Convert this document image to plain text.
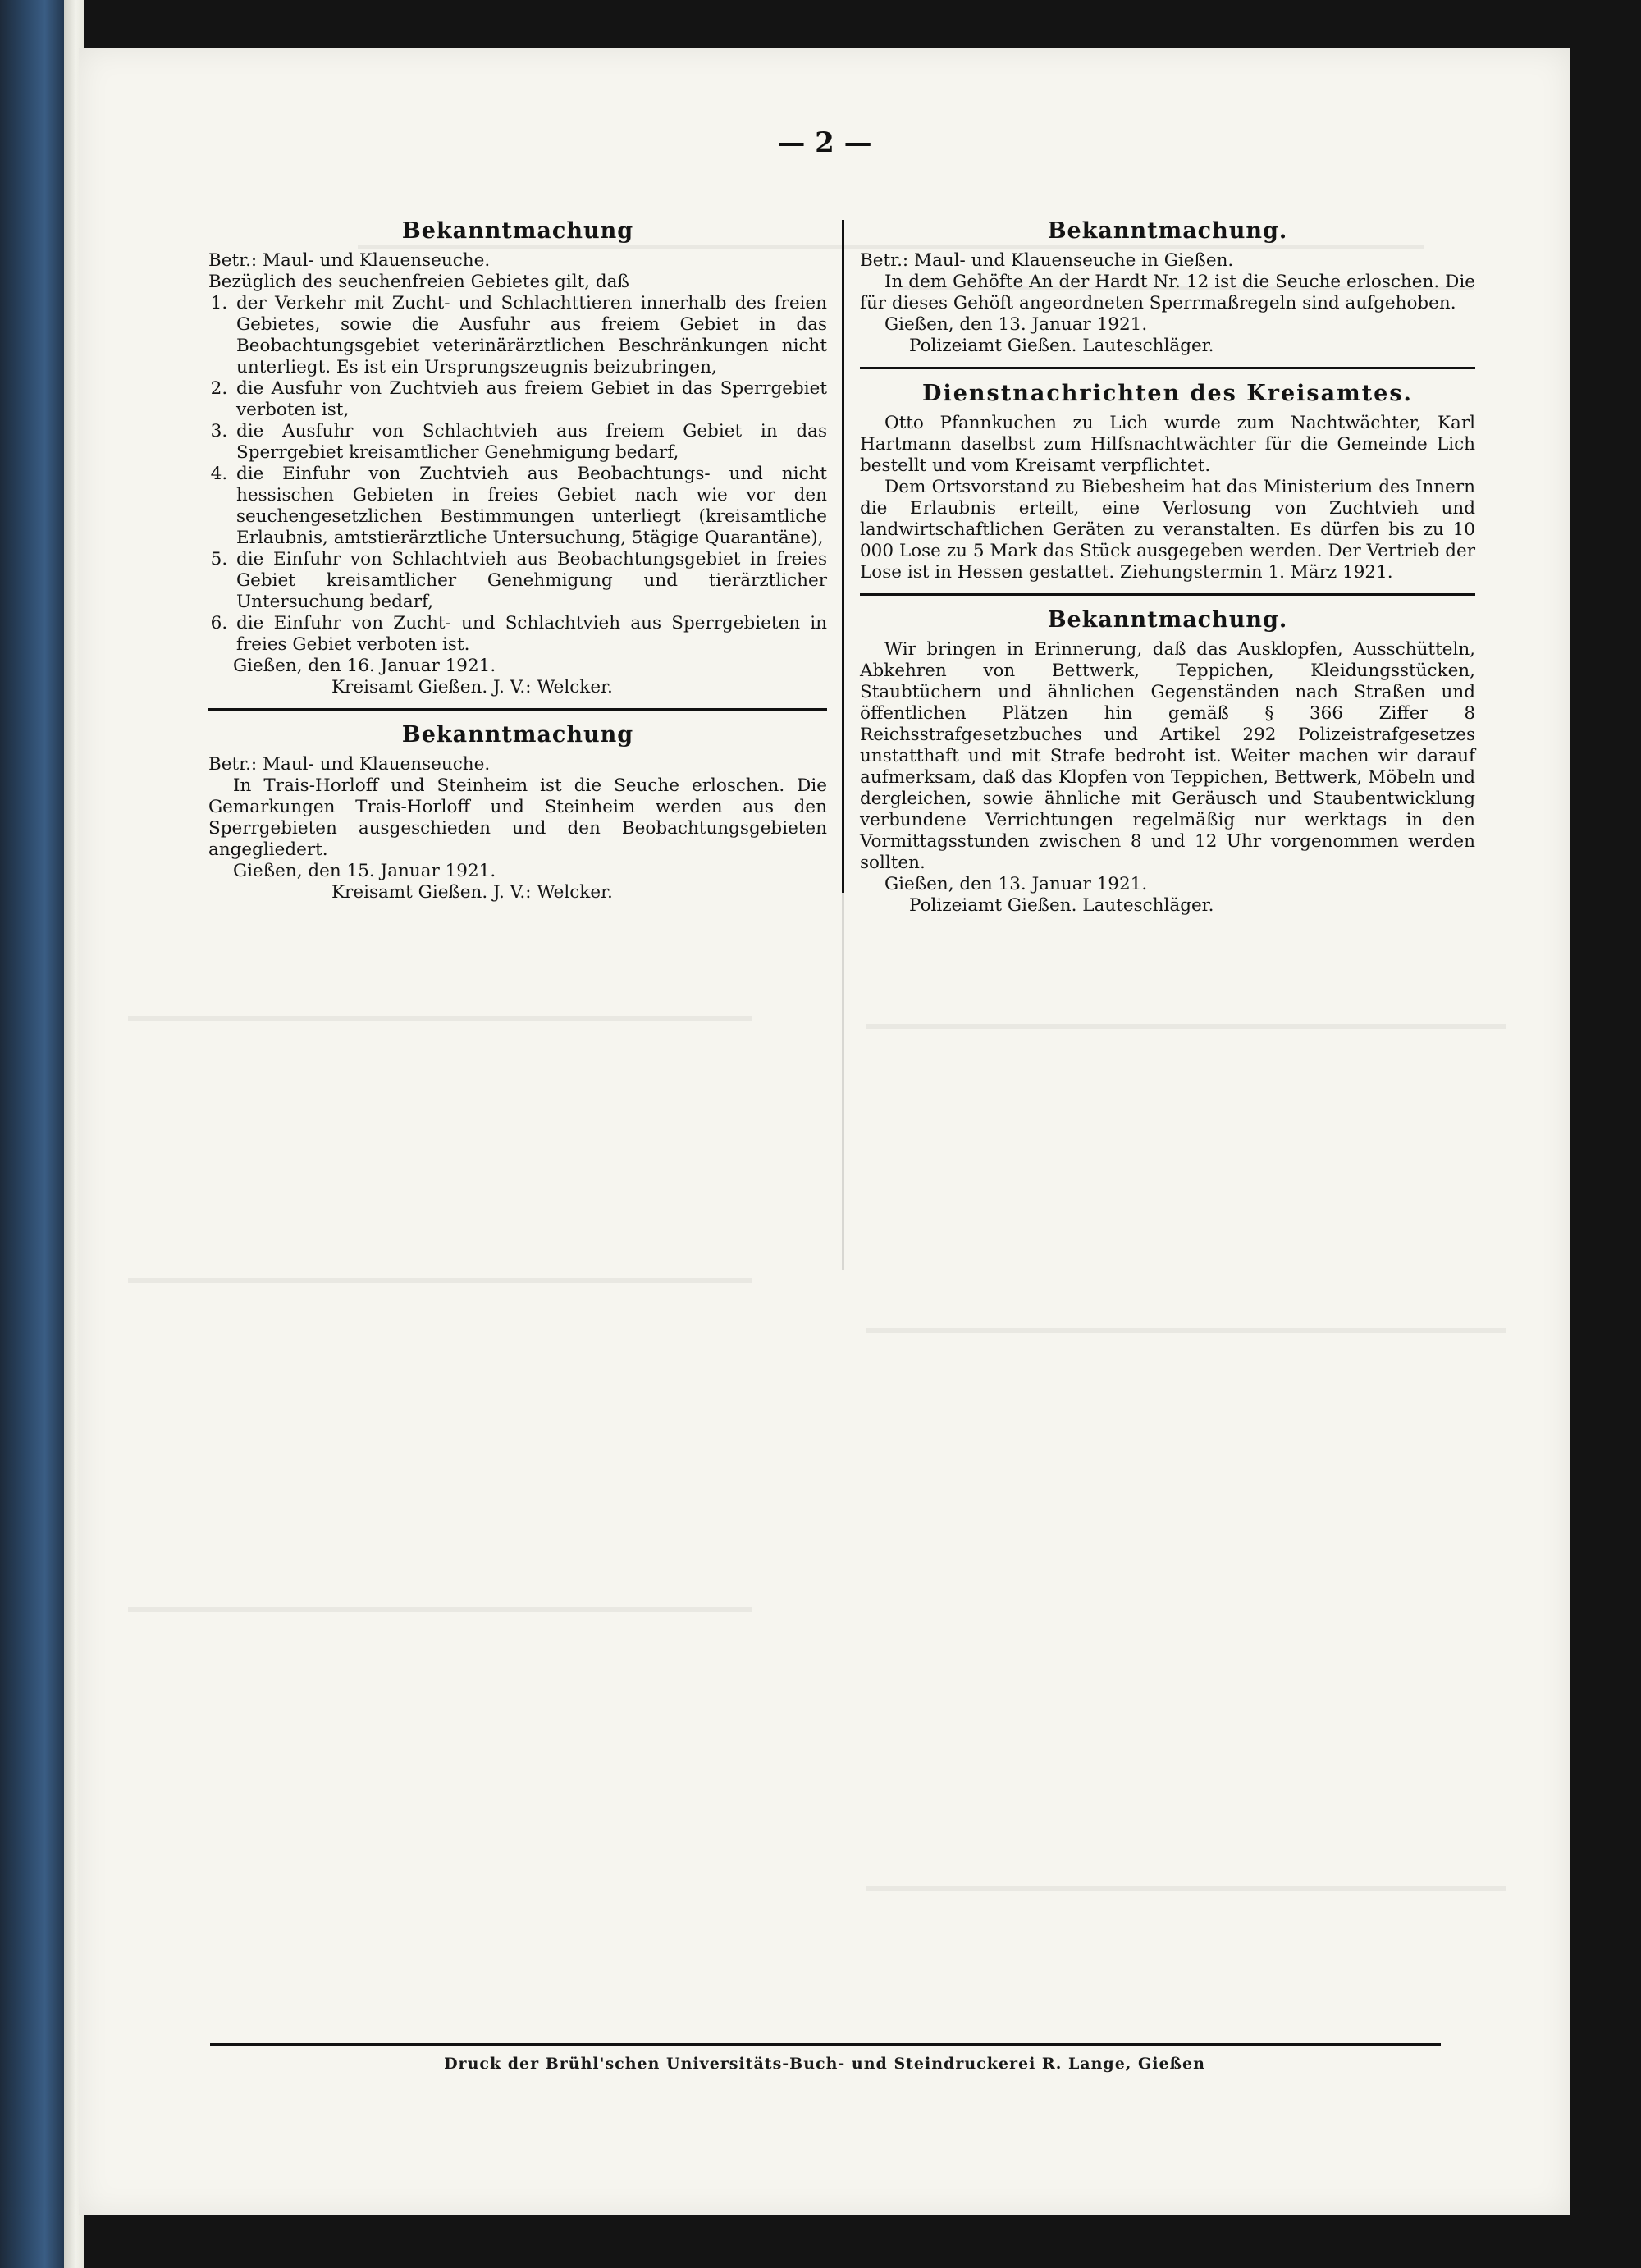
— 2 —
Bekanntmachung

Betr.: Maul- und Klauenseuche.

Bezüglich des seuchenfreien Gebietes gilt, daß

1. der Verkehr mit Zucht- und Schlachttieren innerhalb des freien Gebietes, sowie die Ausfuhr aus freiem Gebiet in das Beobachtungsgebiet veterinärärztlichen Beschränkungen nicht unterliegt. Es ist ein Ursprungszeugnis beizubringen,
2. die Ausfuhr von Zuchtvieh aus freiem Gebiet in das Sperrgebiet verboten ist,
3. die Ausfuhr von Schlachtvieh aus freiem Gebiet in das Sperrgebiet kreisamtlicher Genehmigung bedarf,
4. die Einfuhr von Zuchtvieh aus Beobachtungs- und nicht hessischen Gebieten in freies Gebiet nach wie vor den seuchengesetzlichen Bestimmungen unterliegt (kreisamtliche Erlaubnis, amtstierärztliche Untersuchung, 5tägige Quarantäne),
5. die Einfuhr von Schlachtvieh aus Beobachtungsgebiet in freies Gebiet kreisamtlicher Genehmigung und tierärztlicher Untersuchung bedarf,
6. die Einfuhr von Zucht- und Schlachtvieh aus Sperrgebieten in freies Gebiet verboten ist.

Gießen, den 16. Januar 1921.

Kreisamt Gießen. J. V.: Welcker.

Bekanntmachung

Betr.: Maul- und Klauenseuche.

In Trais-Horloff und Steinheim ist die Seuche erloschen. Die Gemarkungen Trais-Horloff und Steinheim werden aus den Sperrgebieten ausgeschieden und den Beobachtungsgebieten angegliedert.

Gießen, den 15. Januar 1921.

Kreisamt Gießen. J. V.: Welcker.

Bekanntmachung.

Betr.: Maul- und Klauenseuche in Gießen.

In dem Gehöfte An der Hardt Nr. 12 ist die Seuche erloschen. Die für dieses Gehöft angeordneten Sperrmaßregeln sind aufgehoben.

Gießen, den 13. Januar 1921.

Polizeiamt Gießen. Lauteschläger.

Dienstnachrichten des Kreisamtes.

Otto Pfannkuchen zu Lich wurde zum Nachtwächter, Karl Hartmann daselbst zum Hilfsnachtwächter für die Gemeinde Lich bestellt und vom Kreisamt verpflichtet.

Dem Ortsvorstand zu Biebesheim hat das Ministerium des Innern die Erlaubnis erteilt, eine Verlosung von Zuchtvieh und landwirtschaftlichen Geräten zu veranstalten. Es dürfen bis zu 10 000 Lose zu 5 Mark das Stück ausgegeben werden. Der Vertrieb der Lose ist in Hessen gestattet. Ziehungstermin 1. März 1921.

Bekanntmachung.

Wir bringen in Erinnerung, daß das Ausklopfen, Ausschütteln, Abkehren von Bettwerk, Teppichen, Kleidungsstücken, Staubtüchern und ähnlichen Gegenständen nach Straßen und öffentlichen Plätzen hin gemäß § 366 Ziffer 8 Reichsstrafgesetzbuches und Artikel 292 Polizeistrafgesetzes unstatthaft und mit Strafe bedroht ist. Weiter machen wir darauf aufmerksam, daß das Klopfen von Teppichen, Bettwerk, Möbeln und dergleichen, sowie ähnliche mit Geräusch und Staubentwicklung verbundene Verrichtungen regelmäßig nur werktags in den Vormittagsstunden zwischen 8 und 12 Uhr vorgenommen werden sollten.

Gießen, den 13. Januar 1921.

Polizeiamt Gießen. Lauteschläger.

Druck der Brühl'schen Universitäts-Buch- und Steindruckerei R. Lange, Gießen
